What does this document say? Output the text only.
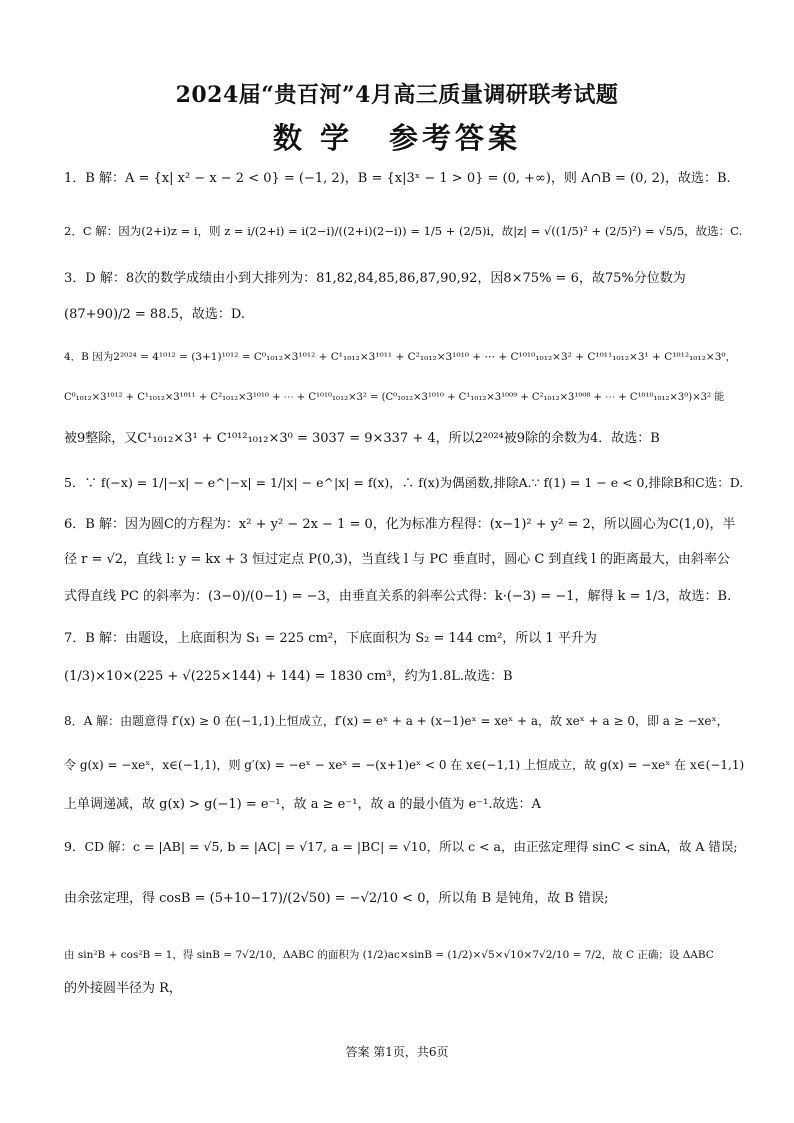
2024届“贵百河”4月高三质量调研联考试题
数 学 参考答案
1．B 解：A = {x| x² − x − 2 < 0} = (−1, 2)，B = {x|3ˣ − 1 > 0} = (0, +∞)，则 A∩B = (0, 2)，故选：B.
2．C 解：因为(2+i)z = i，则 z = i/(2+i) = i(2−i)/((2+i)(2−i)) = 1/5 + (2/5)i，故|z| = √((1/5)² + (2/5)²) = √5/5，故选：C.
3．D 解：8次的数学成绩由小到大排列为：81,82,84,85,86,87,90,92，因8×75% = 6，故75%分位数为
(87+90)/2 = 88.5，故选：D.
4．B 因为2²⁰²⁴ = 4¹⁰¹² = (3+1)¹⁰¹² = C⁰₁₀₁₂×3¹⁰¹² + C¹₁₀₁₂×3¹⁰¹¹ + C²₁₀₁₂×3¹⁰¹⁰ + ⋯ + C¹⁰¹⁰₁₀₁₂×3² + C¹⁰¹¹₁₀₁₂×3¹ + C¹⁰¹²₁₀₁₂×3⁰，
C⁰₁₀₁₂×3¹⁰¹² + C¹₁₀₁₂×3¹⁰¹¹ + C²₁₀₁₂×3¹⁰¹⁰ + ⋯ + C¹⁰¹⁰₁₀₁₂×3² = (C⁰₁₀₁₂×3¹⁰¹⁰ + C¹₁₀₁₂×3¹⁰⁰⁹ + C²₁₀₁₂×3¹⁰⁰⁸ + ⋯ + C¹⁰¹⁰₁₀₁₂×3⁰)×3² 能
被9整除，又C¹₁₀₁₂×3¹ + C¹⁰¹²₁₀₁₂×3⁰ = 3037 = 9×337 + 4，所以2²⁰²⁴被9除的余数为4．故选：B
5．∵ f(−x) = 1/|−x| − e^|−x| = 1/|x| − e^|x| = f(x)，∴ f(x)为偶函数,排除A.∵ f(1) = 1 − e < 0,排除B和C选：D.
6．B 解：因为圆C的方程为：x² + y² − 2x − 1 = 0，化为标准方程得：(x−1)² + y² = 2，所以圆心为C(1,0)，半
径 r = √2，直线 l: y = kx + 3 恒过定点 P(0,3)，当直线 l 与 PC 垂直时，圆心 C 到直线 l 的距离最大，由斜率公
式得直线 PC 的斜率为：(3−0)/(0−1) = −3，由垂直关系的斜率公式得：k·(−3) = −1，解得 k = 1/3，故选：B.
7．B 解：由题设，上底面积为 S₁ = 225 cm²，下底面积为 S₂ = 144 cm²，所以 1 平升为
(1/3)×10×(225 + √(225×144) + 144) = 1830 cm³，约为1.8L.故选：B
8．A 解：由题意得 f′(x) ≥ 0 在(−1,1)上恒成立，f′(x) = eˣ + a + (x−1)eˣ = xeˣ + a，故 xeˣ + a ≥ 0，即 a ≥ −xeˣ，
令 g(x) = −xeˣ，x∈(−1,1)，则 g′(x) = −eˣ − xeˣ = −(x+1)eˣ < 0 在 x∈(−1,1) 上恒成立，故 g(x) = −xeˣ 在 x∈(−1,1)
上单调递减，故 g(x) > g(−1) = e⁻¹，故 a ≥ e⁻¹，故 a 的最小值为 e⁻¹.故选：A
9．CD 解：c = |AB| = √5, b = |AC| = √17, a = |BC| = √10，所以 c < a，由正弦定理得 sinC < sinA，故 A 错误;
由余弦定理，得 cosB = (5+10−17)/(2√50) = −√2/10 < 0，所以角 B 是钝角，故 B 错误;
由 sin²B + cos²B = 1，得 sinB = 7√2/10，ΔABC 的面积为 (1/2)ac×sinB = (1/2)×√5×√10×7√2/10 = 7/2，故 C 正确；设 ΔABC
的外接圆半径为 R，
答案 第1页，共6页
